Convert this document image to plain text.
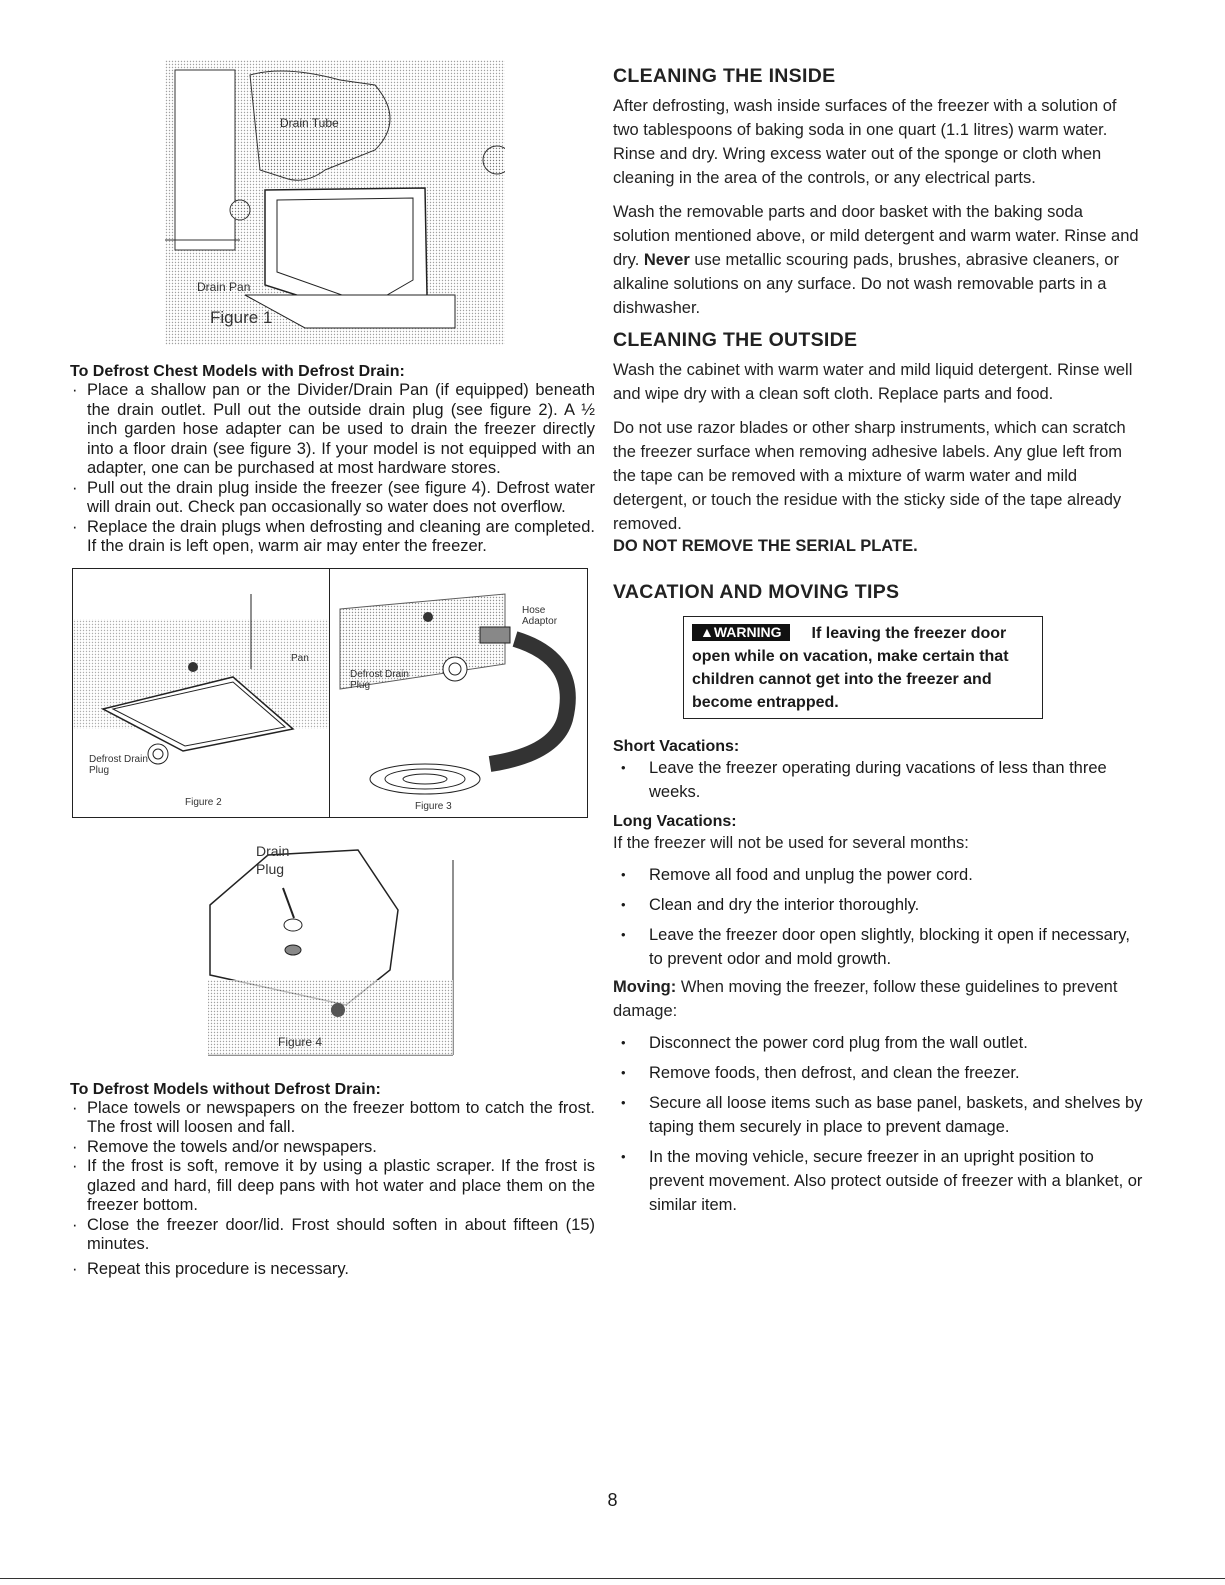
Drain Tube
Drain Pan
Figure 1
To Defrost Chest Models with Defrost Drain:
· Place a shallow pan or the Divider/Drain Pan (if equipped) beneath the drain outlet. Pull out the outside drain plug (see figure 2). A ½ inch garden hose adapter can be used to drain the freezer directly into a floor drain (see figure 3). If your model is not equipped with an adapter, one can be purchased at most hardware stores.
· Pull out the drain plug inside the freezer (see figure 4). Defrost water will drain out. Check pan occasionally so water does not overflow.
· Replace the drain plugs when defrosting and cleaning are completed. If the drain is left open, warm air may enter the freezer.
Pan
Defrost Drain Plug
Figure 2
Hose Adaptor
Defrost Drain Plug
Figure 3
Drain Plug
Figure 4
To Defrost Models without Defrost Drain:
· Place towels or newspapers on the freezer bottom to catch the frost. The frost will loosen and fall.
· Remove the towels and/or newspapers.
· If the frost is soft, remove it by using a plastic scraper. If the frost is glazed and hard, fill deep pans with hot water and place them on the freezer bottom.
· Close the freezer door/lid. Frost should soften in about fifteen (15) minutes.
· Repeat this procedure is necessary.
CLEANING THE INSIDE

After defrosting, wash inside surfaces of the freezer with a solution of two tablespoons of baking soda in one quart (1.1 litres) warm water. Rinse and dry. Wring excess water out of the sponge or cloth when cleaning in the area of the controls, or any electrical parts.

Wash the removable parts and door basket with the baking soda solution mentioned above, or mild detergent and warm water. Rinse and dry. Never use metallic scouring pads, brushes, abrasive cleaners, or alkaline solutions on any surface. Do not wash removable parts in a dishwasher.

CLEANING THE OUTSIDE

Wash the cabinet with warm water and mild liquid detergent. Rinse well and wipe dry with a clean soft cloth. Replace parts and food.

Do not use razor blades or other sharp instruments, which can scratch the freezer surface when removing adhesive labels. Any glue left from the tape can be removed with a mixture of warm water and mild detergent, or touch the residue with the sticky side of the tape already removed.

DO NOT REMOVE THE SERIAL PLATE.

VACATION AND MOVING TIPS
▲WARNING If leaving the freezer door open while on vacation, make certain that children cannot get into the freezer and become entrapped.
Short Vacations:
• Leave the freezer operating during vacations of less than three weeks.
Long Vacations:

If the freezer will not be used for several months:

• Remove all food and unplug the power cord.
• Clean and dry the interior thoroughly.
• Leave the freezer door open slightly, blocking it open if necessary, to prevent odor and mold growth.

Moving: When moving the freezer, follow these guidelines to prevent damage:

• Disconnect the power cord plug from the wall outlet.
• Remove foods, then defrost, and clean the freezer.
• Secure all loose items such as base panel, baskets, and shelves by taping them securely in place to prevent damage.
• In the moving vehicle, secure freezer in an upright position to prevent movement. Also protect outside of freezer with a blanket, or similar item.
8
